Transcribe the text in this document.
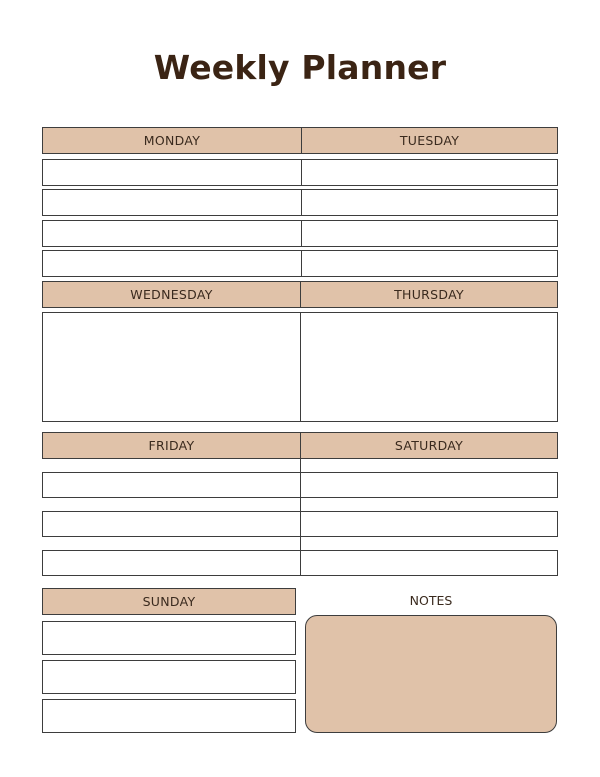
Weekly Planner
MONDAY	TUESDAY
WEDNESDAY	THURSDAY
FRIDAY	SATURDAY
SUNDAY	NOTES
